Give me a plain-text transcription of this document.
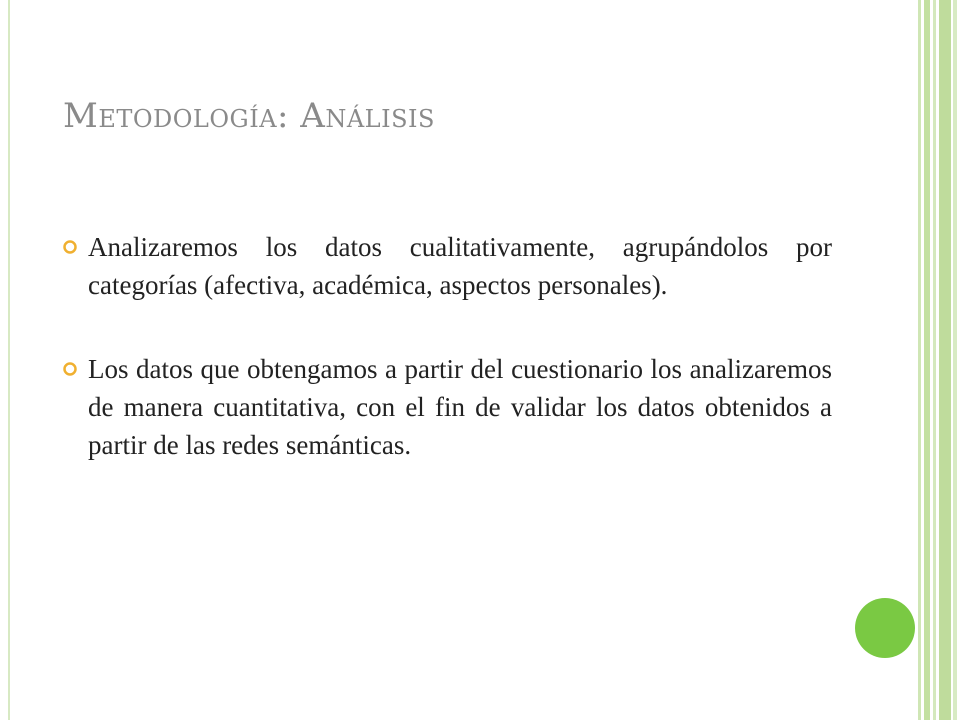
Metodología: Análisis
Analizaremos los datos cualitativamente, agrupándolos por categorías (afectiva, académica, aspectos personales).
Los datos que obtengamos a partir del cuestionario los analizaremos de manera cuantitativa, con el fin de validar los datos obtenidos a partir de las redes semánticas.
